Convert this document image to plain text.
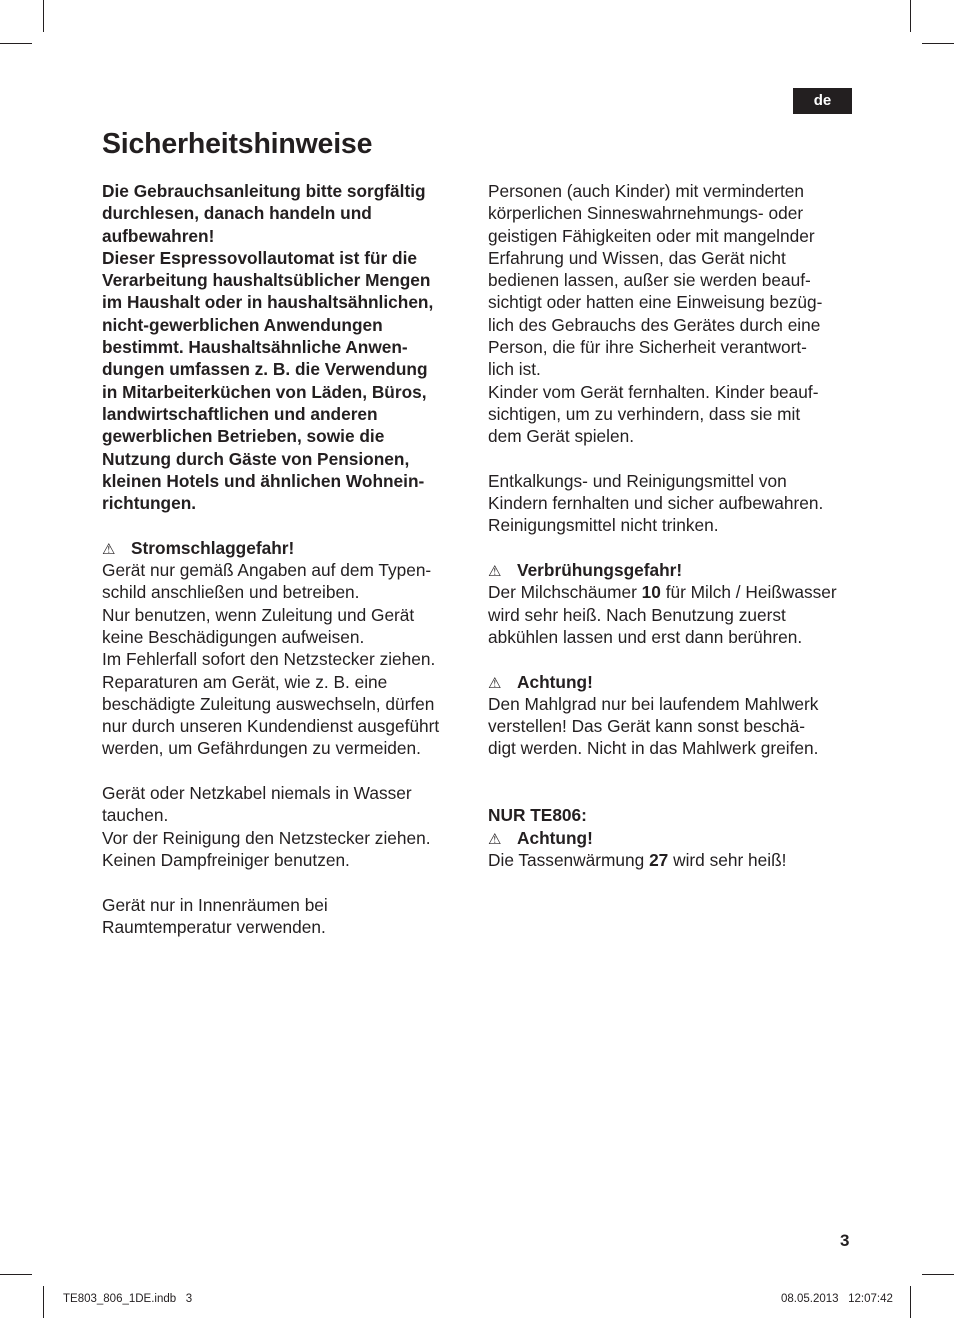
de
Sicherheitshinweise
Die Gebrauchsanleitung bitte sorgfältig
durchlesen, danach handeln und
aufbewahren!
Dieser Espressovollautomat ist für die
Verarbeitung haushaltsüblicher Mengen
im Haushalt oder in haushaltsähnlichen,
nicht-gewerblichen Anwendungen
bestimmt. Haushaltsähnliche Anwen-
dungen umfassen z. B. die Verwendung
in Mitarbeiterküchen von Läden, Büros,
landwirtschaftlichen und anderen
gewerblichen Betrieben, sowie die
Nutzung durch Gäste von Pensionen,
kleinen Hotels und ähnlichen Wohnein-
richtungen.
⚠ Stromschlaggefahr!
Gerät nur gemäß Angaben auf dem Typen-
schild anschließen und betreiben.
Nur benutzen, wenn Zuleitung und Gerät
keine Beschädigungen aufweisen.
Im Fehlerfall sofort den Netzstecker ziehen.
Reparaturen am Gerät, wie z. B. eine
beschädigte Zuleitung auswechseln, dürfen
nur durch unseren Kundendienst ausgeführt
werden, um Gefährdungen zu vermeiden.
Gerät oder Netzkabel niemals in Wasser
tauchen.
Vor der Reinigung den Netzstecker ziehen.
Keinen Dampfreiniger benutzen.
Gerät nur in Innenräumen bei
Raumtemperatur verwenden.
Personen (auch Kinder) mit verminderten
körperlichen Sinneswahrnehmungs- oder
geistigen Fähigkeiten oder mit mangelnder
Erfahrung und Wissen, das Gerät nicht
bedienen lassen, außer sie werden beauf-
sichtigt oder hatten eine Einweisung bezüg-
lich des Gebrauchs des Gerätes durch eine
Person, die für ihre Sicherheit verantwort-
lich ist.
Kinder vom Gerät fernhalten. Kinder beauf-
sichtigen, um zu verhindern, dass sie mit
dem Gerät spielen.
Entkalkungs- und Reinigungsmittel von
Kindern fernhalten und sicher aufbewahren.
Reinigungsmittel nicht trinken.
⚠ Verbrühungsgefahr!
Der Milchschäumer 10 für Milch / Heißwasser
wird sehr heiß. Nach Benutzung zuerst
abkühlen lassen und erst dann berühren.
⚠ Achtung!
Den Mahlgrad nur bei laufendem Mahlwerk
verstellen! Das Gerät kann sonst beschä-
digt werden. Nicht in das Mahlwerk greifen.
NUR TE806:
⚠ Achtung!
Die Tassenwärmung 27 wird sehr heiß!
3
TE803_806_1DE.indb   3	08.05.2013   12:07:42
